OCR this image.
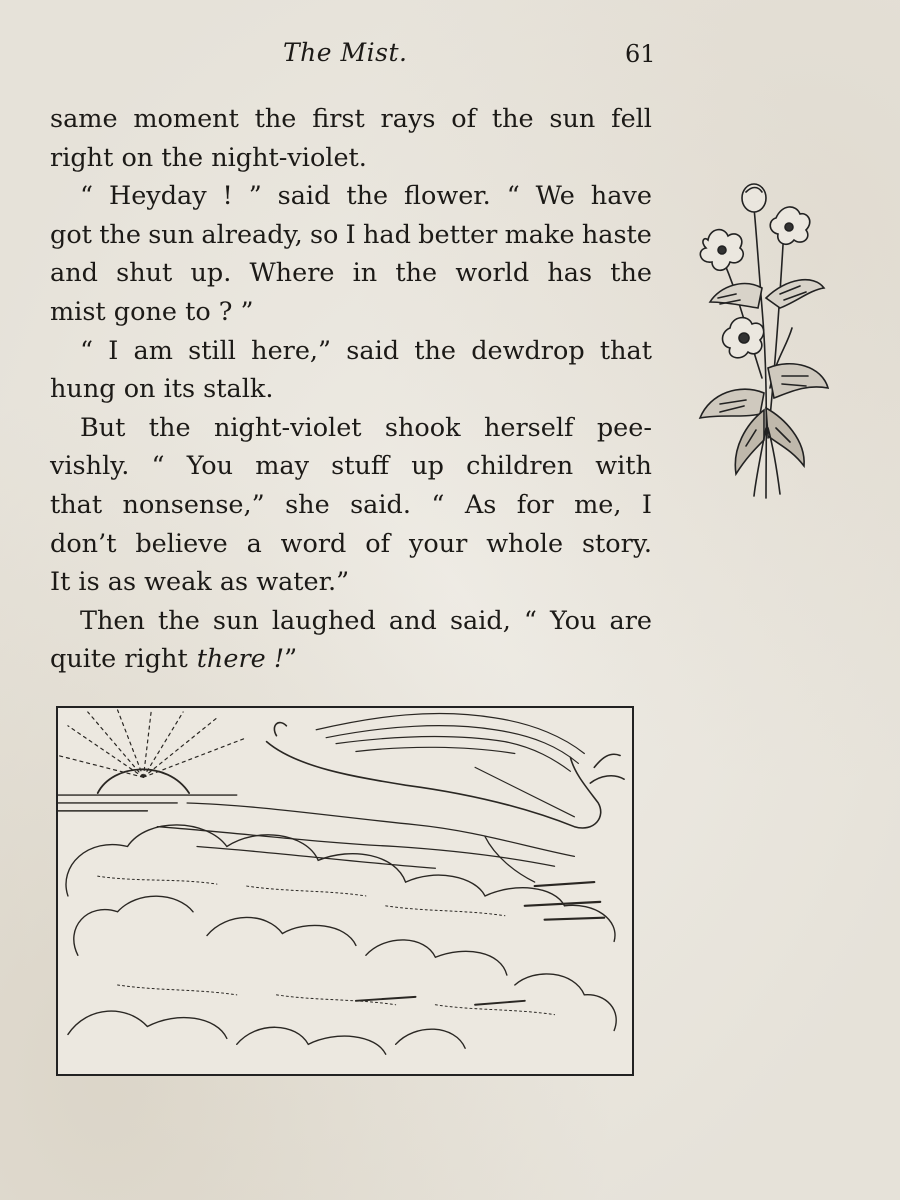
The Mist.	61
same moment the first rays of the sun fell
right on the night-violet.
“ Heyday ! ” said the flower. “ We have
got the sun already, so I had better make haste
and shut up. Where in the world has the
mist gone to ? ”
“ I am still here,” said the dewdrop that
hung on its stalk.
But the night-violet shook herself pee-
vishly. “ You may stuff up children with
that nonsense,” she said. “ As for me, I
don’t believe a word of your whole story.
It is as weak as water.”
Then the sun laughed and said, “ You are
quite right there ! ”
